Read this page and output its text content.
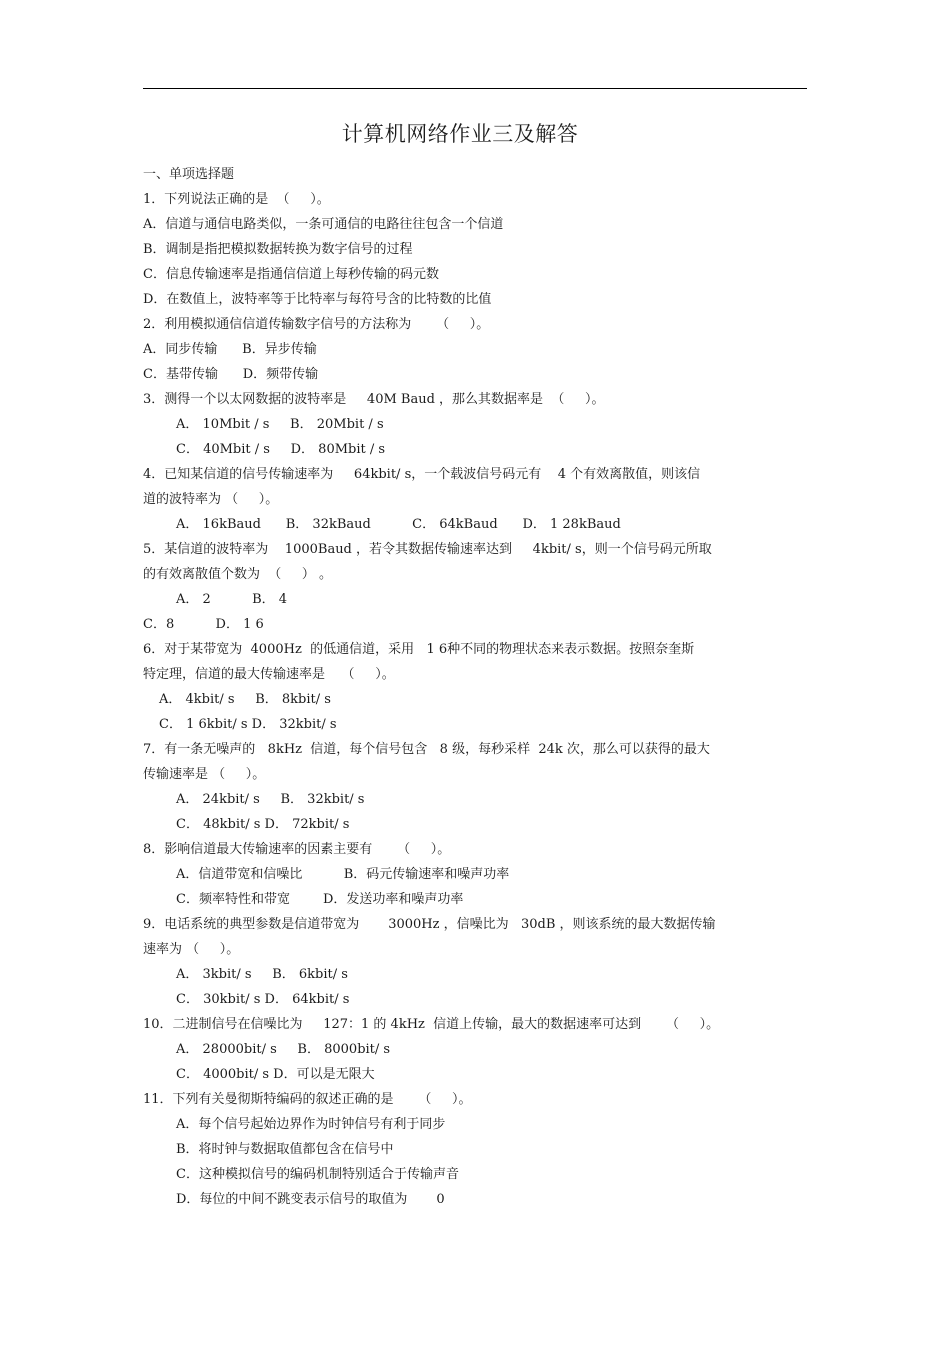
计算机网络作业三及解答
一、单项选择题
1．下列说法正确的是  （     ）。
A．信道与通信电路类似，一条可通信的电路往往包含一个信道
B．调制是指把模拟数据转换为数字信号的过程
C．信息传输速率是指通信信道上每秒传输的码元数
D．在数值上，波特率等于比特率与每符号含的比特数的比值
2．利用模拟通信信道传输数字信号的方法称为      （     ）。
A．同步传输      B．异步传输
C．基带传输      D．频带传输
3．测得一个以太网数据的波特率是     40M Baud ，那么其数据率是  （     ）。
A． 10Mbit / s     B． 20Mbit / s
C． 40Mbit / s     D． 80Mbit / s
4．已知某信道的信号传输速率为     64kbit/ s，一个载波信号码元有    4 个有效离散值，则该信
道的波特率为 （     ）。
A． 16kBaud      B． 32kBaud          C． 64kBaud      D． 1 28kBaud
5．某信道的波特率为    1000Baud ，若令其数据传输速率达到     4kbit/ s，则一个信号码元所取
的有效离散值个数为  （     ） 。
A． 2          B． 4
C．8          D． 1 6
6．对于某带宽为  4000Hz  的低通信道，采用   1 6种不同的物理状态来表示数据。按照奈奎斯
特定理，信道的最大传输速率是    （     ）。
A． 4kbit/ s     B． 8kbit/ s
C． 1 6kbit/ s D． 32kbit/ s
7．有一条无噪声的   8kHz  信道，每个信号包含   8 级，每秒采样  24k 次，那么可以获得的最大
传输速率是 （     ）。
A． 24kbit/ s     B． 32kbit/ s
C． 48kbit/ s D． 72kbit/ s
8．影响信道最大传输速率的因素主要有      （     ）。
A．信道带宽和信噪比          B．码元传输速率和噪声功率
C．频率特性和带宽        D．发送功率和噪声功率
9．电话系统的典型参数是信道带宽为       3000Hz ，信噪比为   30dB ，则该系统的最大数据传输
速率为 （     ）。
A． 3kbit/ s     B． 6kbit/ s
C． 30kbit/ s D． 64kbit/ s
10．二进制信号在信噪比为     127：1 的 4kHz  信道上传输，最大的数据速率可达到      （     ）。
A． 28000bit/ s     B． 8000bit/ s
C． 4000bit/ s D．可以是无限大
11．下列有关曼彻斯特编码的叙述正确的是      （     ）。
A．每个信号起始边界作为时钟信号有利于同步
B．将时钟与数据取值都包含在信号中
C．这种模拟信号的编码机制特别适合于传输声音
D．每位的中间不跳变表示信号的取值为       0
